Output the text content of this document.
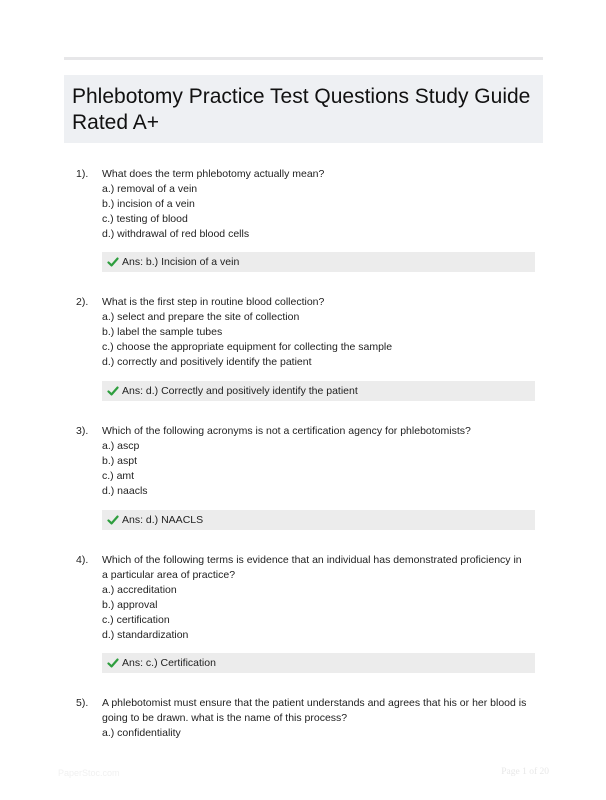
Phlebotomy Practice Test Questions Study Guide
Rated A+
1). What does the term phlebotomy actually mean?
a.) removal of a vein
b.) incision of a vein
c.) testing of blood
d.) withdrawal of red blood cells
Ans: b.) Incision of a vein
2). What is the first step in routine blood collection?
a.) select and prepare the site of collection
b.) label the sample tubes
c.) choose the appropriate equipment for collecting the sample
d.) correctly and positively identify the patient
Ans: d.) Correctly and positively identify the patient
3). Which of the following acronyms is not a certification agency for phlebotomists?
a.) ascp
b.) aspt
c.) amt
d.) naacls
Ans: d.) NAACLS
4). Which of the following terms is evidence that an individual has demonstrated proficiency in
a particular area of practice?
a.) accreditation
b.) approval
c.) certification
d.) standardization
Ans: c.) Certification
5). A phlebotomist must ensure that the patient understands and agrees that his or her blood is
going to be drawn. what is the name of this process?
a.) confidentiality
PaperStoc.com	Page 1 of 20
